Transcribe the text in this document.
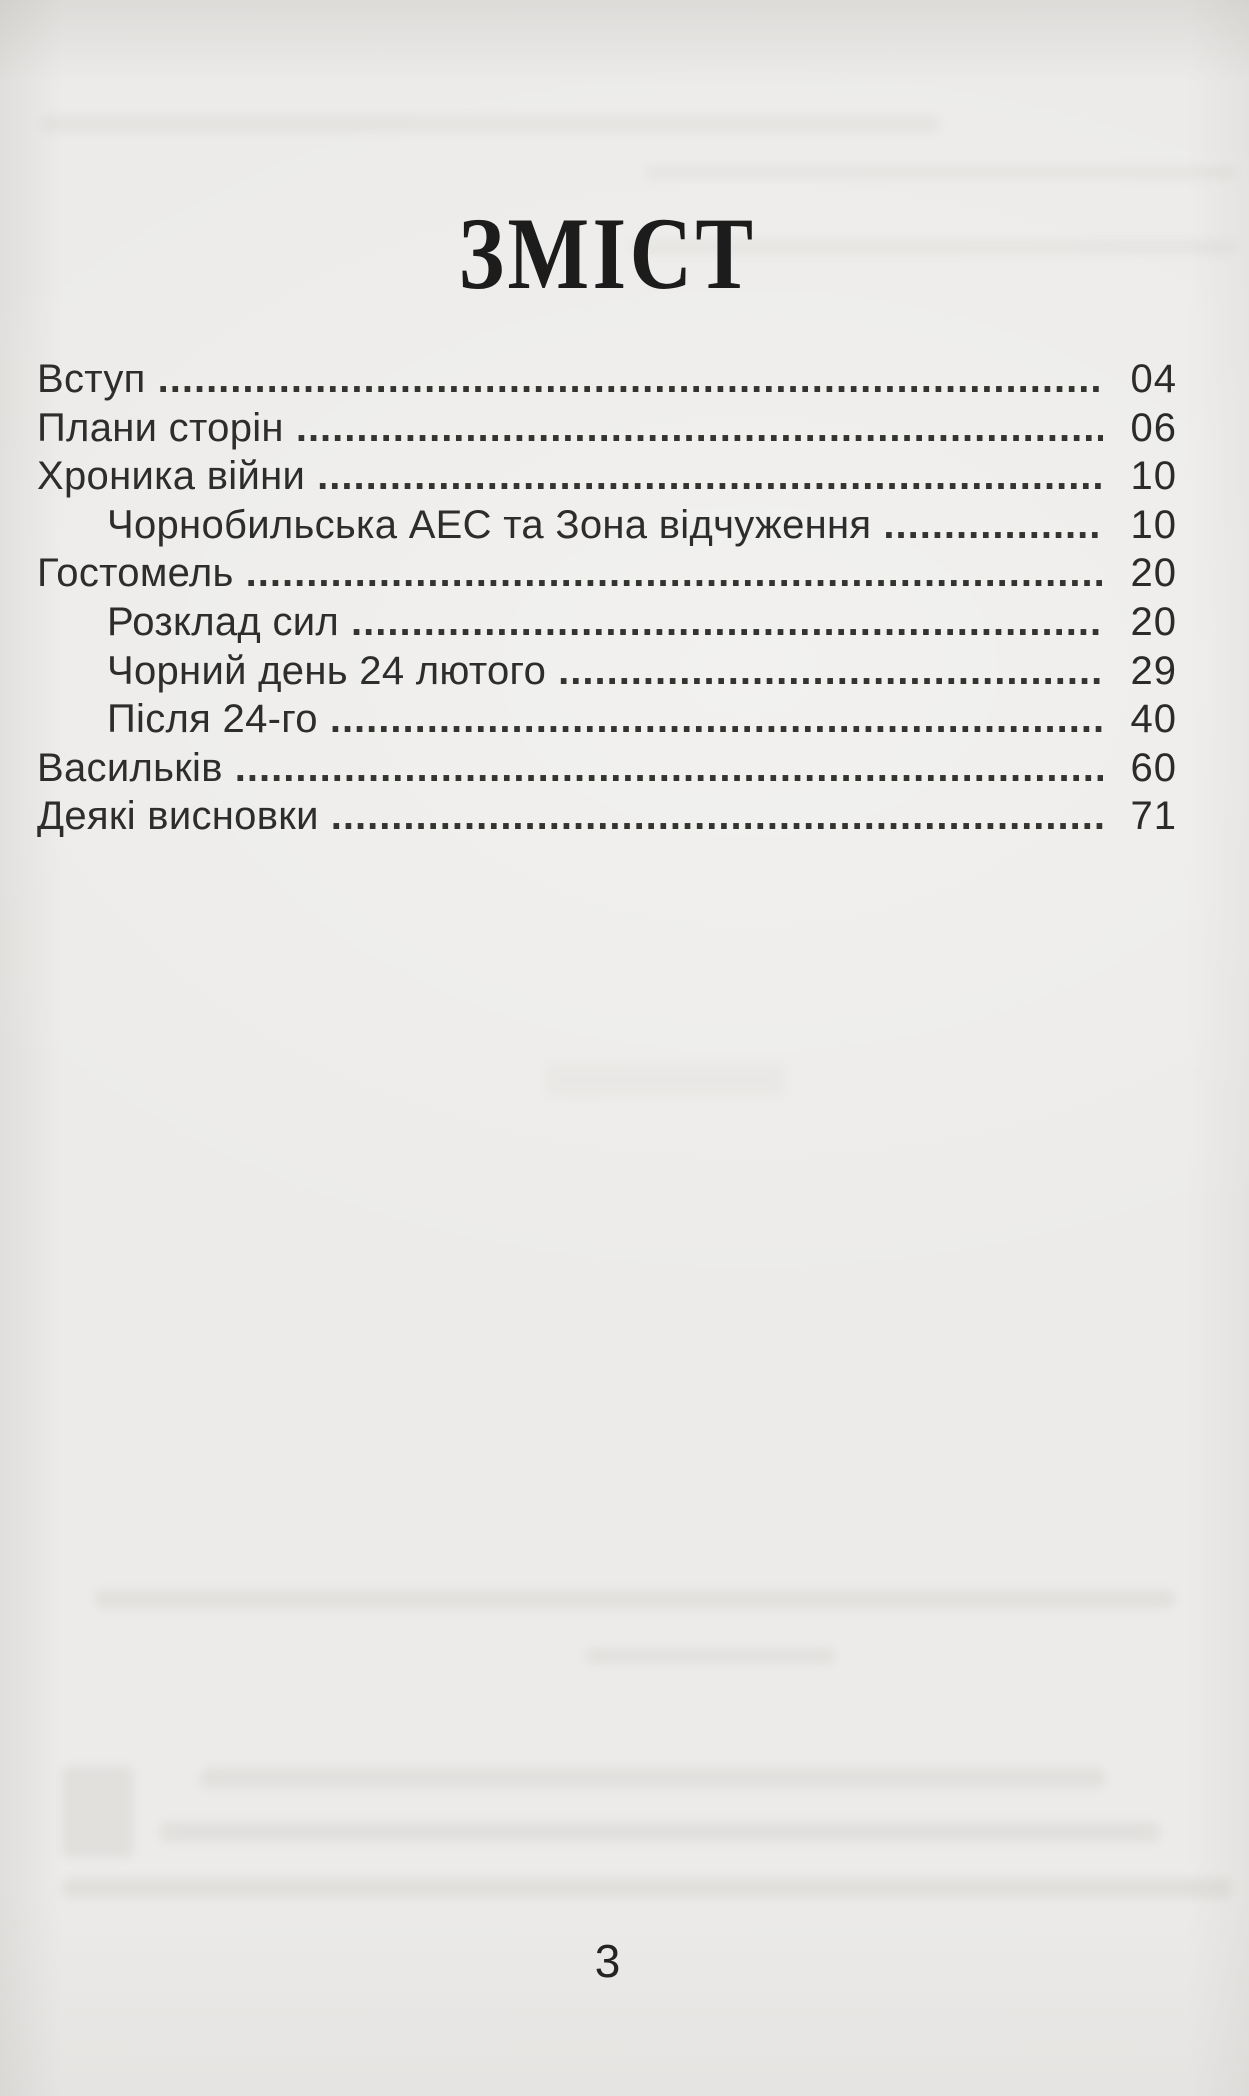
ЗМІСТ
Вступ .....	04
Плани сторін .....	06
Хроника війни .....	10
Чорнобильська АЕС та Зона відчуження .....	10
Гостомель .....	20
Розклад сил .....	20
Чорний день 24 лютого .....	29
Після 24-го .....	40
Васильків .....	60
Деякі висновки .....	71
3
